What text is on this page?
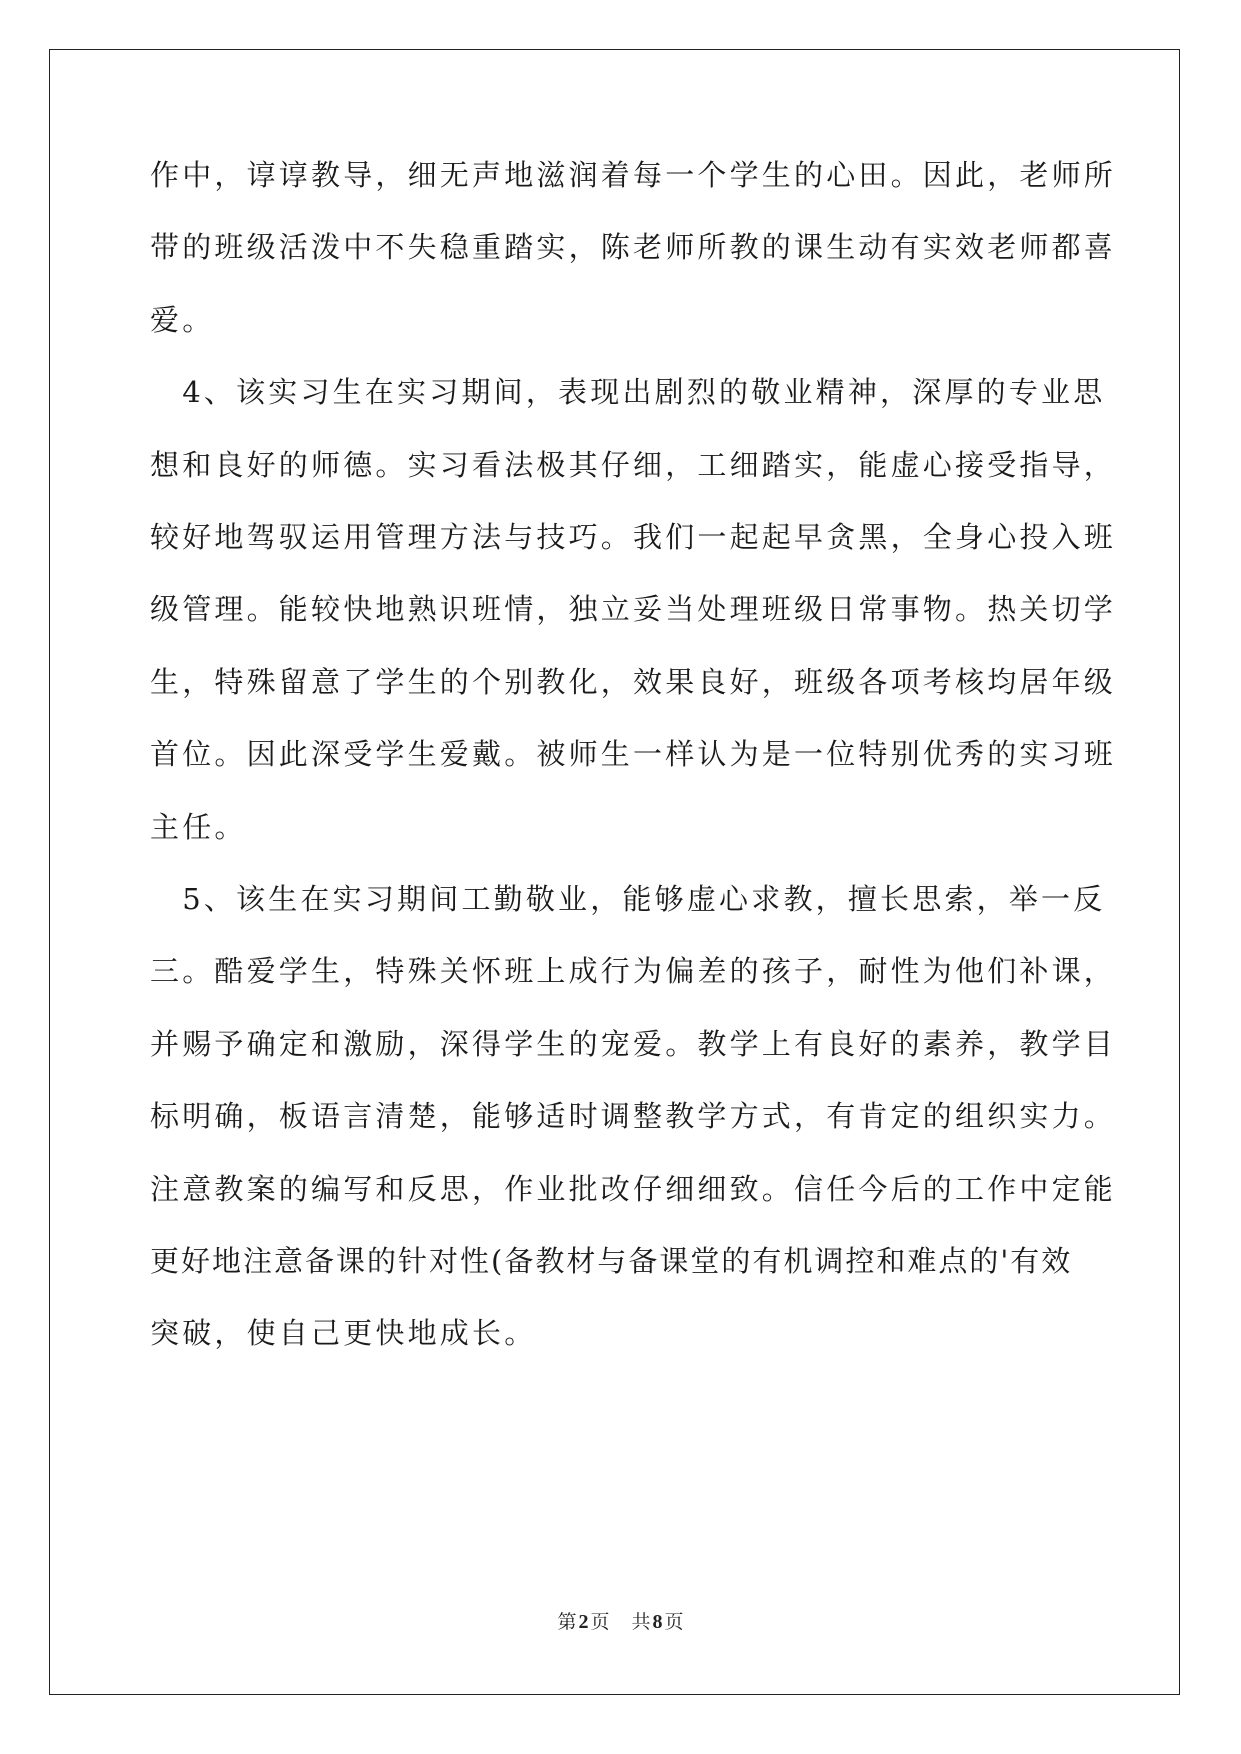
作中，谆谆教导，细无声地滋润着每一个学生的心田。因此，老师所
带的班级活泼中不失稳重踏实，陈老师所教的课生动有实效老师都喜
爱。
　4、该实习生在实习期间，表现出剧烈的敬业精神，深厚的专业思
想和良好的师德。实习看法极其仔细，工细踏实，能虚心接受指导，
较好地驾驭运用管理方法与技巧。我们一起起早贪黑，全身心投入班
级管理。能较快地熟识班情，独立妥当处理班级日常事物。热关切学
生，特殊留意了学生的个别教化，效果良好，班级各项考核均居年级
首位。因此深受学生爱戴。被师生一样认为是一位特别优秀的实习班
主任。
　5、该生在实习期间工勤敬业，能够虚心求教，擅长思索，举一反
三。酷爱学生，特殊关怀班上成行为偏差的孩子，耐性为他们补课，
并赐予确定和激励，深得学生的宠爱。教学上有良好的素养，教学目
标明确，板语言清楚，能够适时调整教学方式，有肯定的组织实力。
注意教案的编写和反思，作业批改仔细细致。信任今后的工作中定能
更好地注意备课的针对性(备教材与备课堂的有机调控和难点的'有效
突破，使自己更快地成长。
第 2 页 共 8 页
